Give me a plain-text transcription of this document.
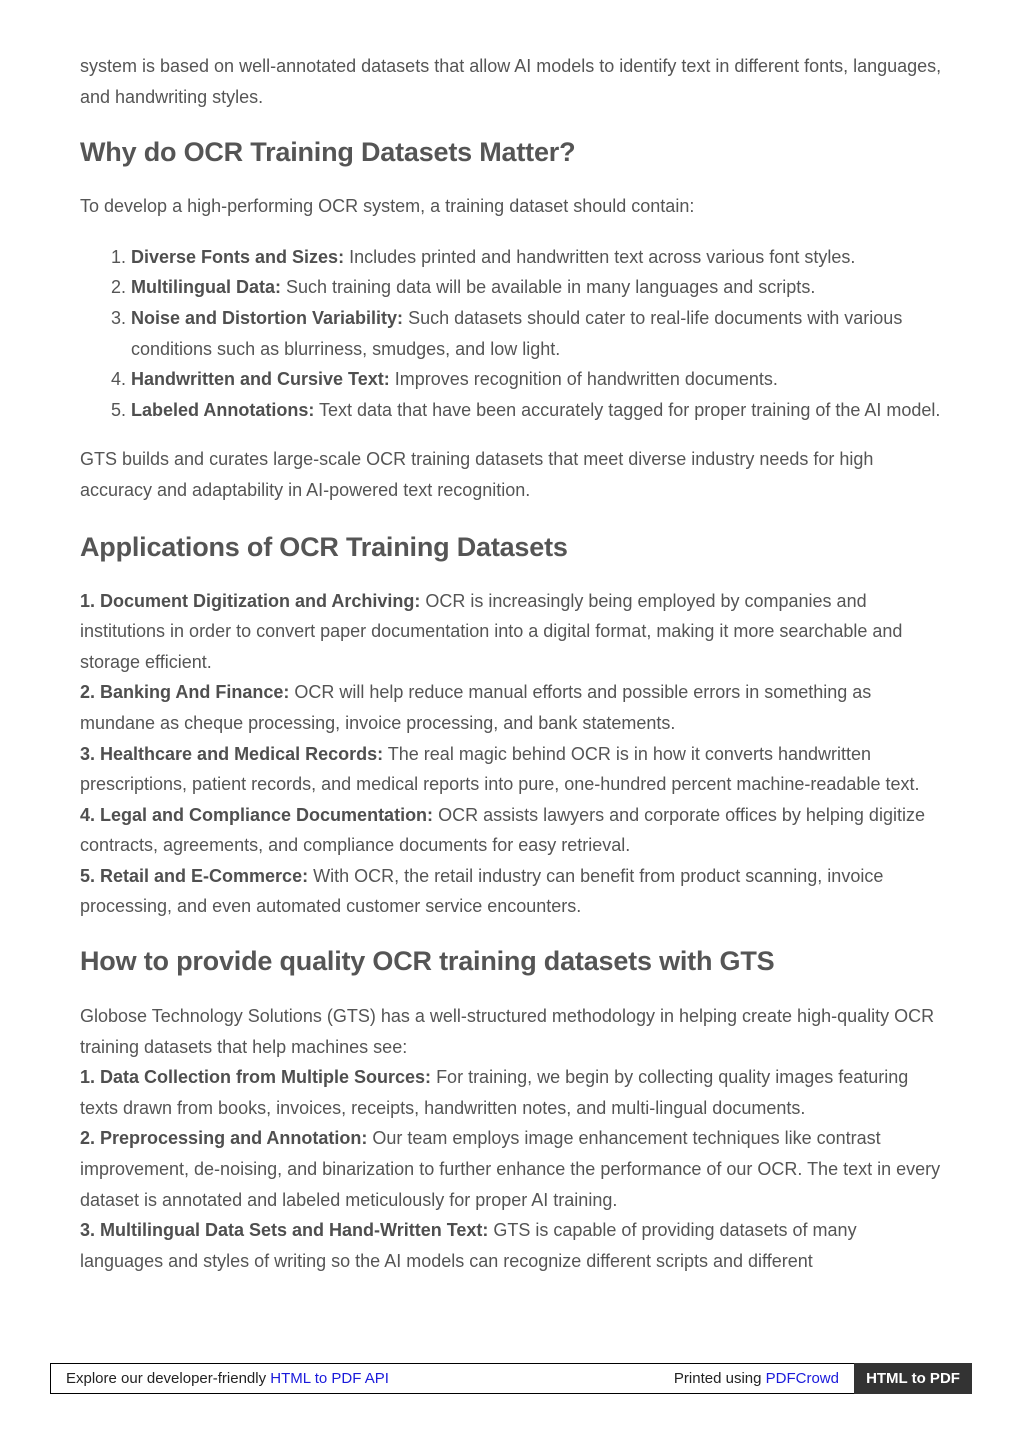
system is based on well-annotated datasets that allow AI models to identify text in different fonts, languages, and handwriting styles.

Why do OCR Training Datasets Matter?

To develop a high-performing OCR system, a training dataset should contain:

1. Diverse Fonts and Sizes: Includes printed and handwritten text across various font styles.
2. Multilingual Data: Such training data will be available in many languages and scripts.
3. Noise and Distortion Variability: Such datasets should cater to real-life documents with various conditions such as blurriness, smudges, and low light.
4. Handwritten and Cursive Text: Improves recognition of handwritten documents.
5. Labeled Annotations: Text data that have been accurately tagged for proper training of the AI model.

GTS builds and curates large-scale OCR training datasets that meet diverse industry needs for high accuracy and adaptability in AI-powered text recognition.

Applications of OCR Training Datasets

1. Document Digitization and Archiving: OCR is increasingly being employed by companies and institutions in order to convert paper documentation into a digital format, making it more searchable and storage efficient.

2. Banking And Finance: OCR will help reduce manual efforts and possible errors in something as mundane as cheque processing, invoice processing, and bank statements.

3. Healthcare and Medical Records: The real magic behind OCR is in how it converts handwritten prescriptions, patient records, and medical reports into pure, one-hundred percent machine-readable text.

4. Legal and Compliance Documentation: OCR assists lawyers and corporate offices by helping digitize contracts, agreements, and compliance documents for easy retrieval.

5. Retail and E-Commerce: With OCR, the retail industry can benefit from product scanning, invoice processing, and even automated customer service encounters.

How to provide quality OCR training datasets with GTS

Globose Technology Solutions (GTS) has a well-structured methodology in helping create high-quality OCR training datasets that help machines see:

1. Data Collection from Multiple Sources: For training, we begin by collecting quality images featuring texts drawn from books, invoices, receipts, handwritten notes, and multi-lingual documents.

2. Preprocessing and Annotation: Our team employs image enhancement techniques like contrast improvement, de-noising, and binarization to further enhance the performance of our OCR. The text in every dataset is annotated and labeled meticulously for proper AI training.

3. Multilingual Data Sets and Hand-Written Text: GTS is capable of providing datasets of many languages and styles of writing so the AI models can recognize different scripts and different

Explore our developer-friendly HTML to PDF API	Printed using PDFCrowd	HTML to PDF
